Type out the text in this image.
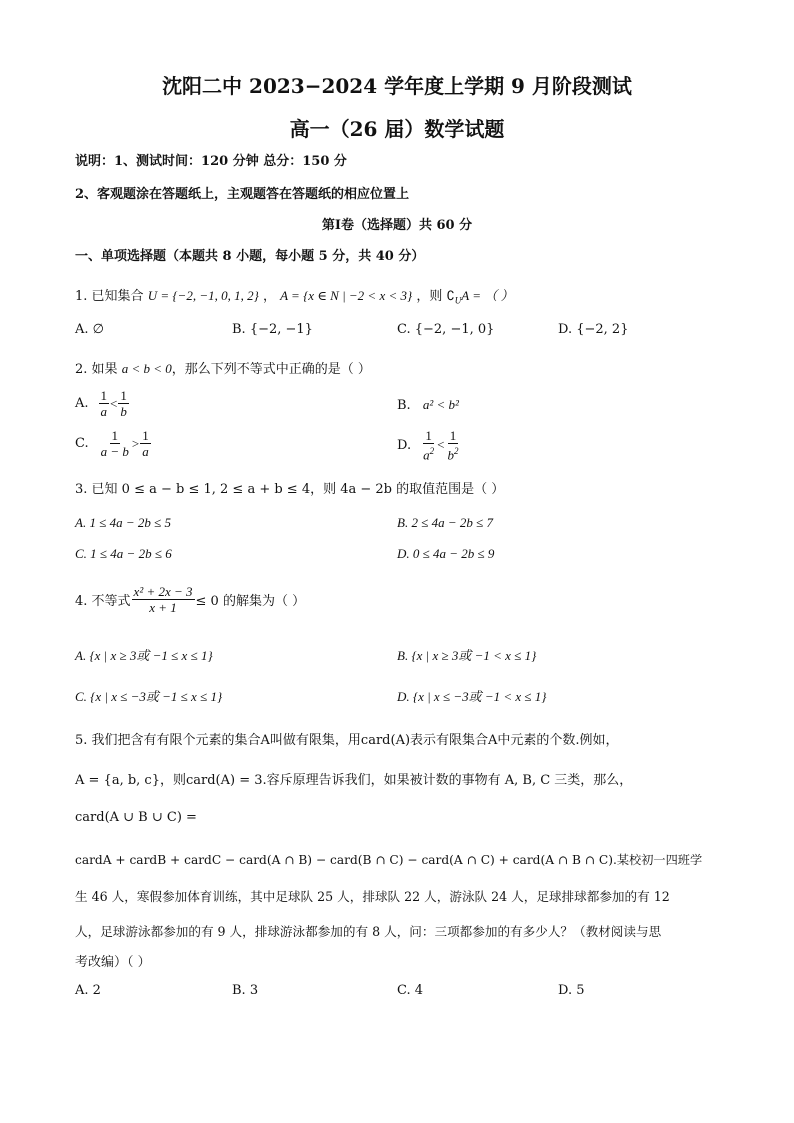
沈阳二中 2023−2024 学年度上学期 9 月阶段测试
高一（26 届）数学试题
说明：1、测试时间：120 分钟 总分：150 分
2、客观题涂在答题纸上，主观题答在答题纸的相应位置上
第Ⅰ卷（选择题）共 60 分
一、单项选择题（本题共 8 小题，每小题 5 分，共 40 分）
1. 已知集合 U = {−2, −1, 0, 1, 2} ， A = {x ∈ N | −2 < x < 3} ，则 $∁_UA$ = （ ）
A. ∅	B. {−2, −1}	C. {−2, −1, 0}	D. {−2, 2}
2. 如果 a < b < 0，那么下列不等式中正确的是（ ）
A. $\frac{1}{a} < \frac{1}{b}$	B. a² < b²
C. $\frac{1}{a - b} > \frac{1}{a}$	D. $\frac{1}{a^2} < \frac{1}{b^2}$
3. 已知 0 ≤ a − b ≤ 1, 2 ≤ a + b ≤ 4，则 4a − 2b 的取值范围是（ ）
A. 1 ≤ 4a − 2b ≤ 5	B. 2 ≤ 4a − 2b ≤ 7
C. 1 ≤ 4a − 2b ≤ 6	D. 0 ≤ 4a − 2b ≤ 9
4. 不等式 $\frac{\text{x² + 2x − 3}}{x + 1} \le 0$ 的解集为（ ）
A. {x | x ≥ 3或 −1 ≤ x ≤ 1}	B. {x | x ≥ 3或 −1 < x ≤ 1}
C. {x | x ≤ −3或 −1 ≤ x ≤ 1}	D. {x | x ≤ −3或 −1 < x ≤ 1}
5. 我们把含有有限个元素的集合A叫做有限集，用card(A)表示有限集合A中元素的个数.例如，
A = {a, b, c}，则card(A) = 3.容斥原理告诉我们，如果被计数的事物有 A, B, C 三类，那么，
card(A ∪ B ∪ C) =
cardA + cardB + cardC − card(A ∩ B) − card(B ∩ C) − card(A ∩ C) + card(A ∩ B ∩ C).某校初一四班学
生 46 人，寒假参加体育训练，其中足球队 25 人，排球队 22 人，游泳队 24 人，足球排球都参加的有 12
人，足球游泳都参加的有 9 人，排球游泳都参加的有 8 人，问：三项都参加的有多少人？（教材阅读与思
考改编）（ ）
A. 2	B. 3	C. 4	D. 5
